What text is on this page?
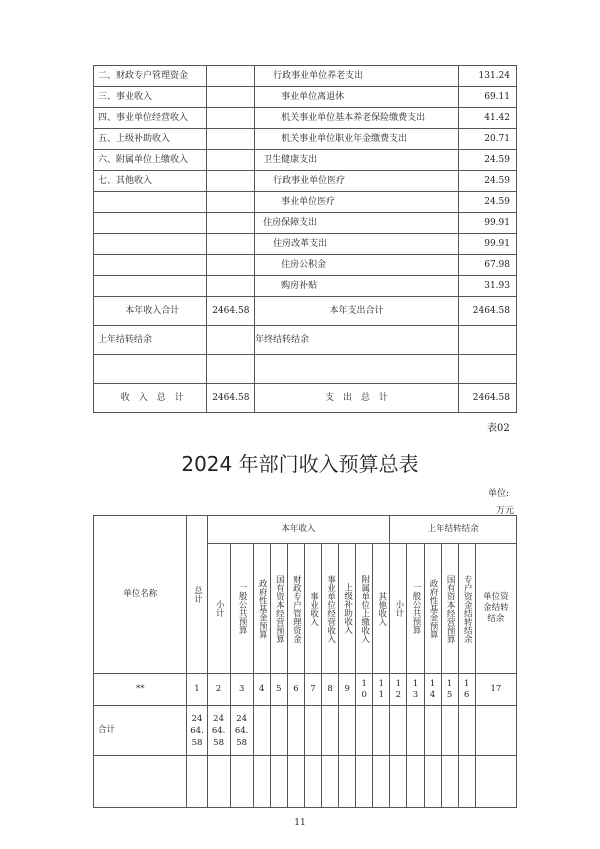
二、财政专户管理资金		行政事业单位养老支出	131.24
三、事业收入		事业单位离退休	69.11
四、事业单位经营收入		机关事业单位基本养老保险缴费支出	41.42
五、上级补助收入		机关事业单位职业年金缴费支出	20.71
六、附属单位上缴收入		卫生健康支出	24.59
七、其他收入		行政事业单位医疗	24.59
		事业单位医疗	24.59
		住房保障支出	99.91
		住房改革支出	99.91
		住房公积金	67.98
		购房补贴	31.93
本年收入合计	2464.58	本年支出合计	2464.58
上年结转结余		年终结转结余	

收　入　总　计	2464.58	支　出　总　计	2464.58
表02
2024 年部门收入预算总表
单位:
万元
单位名称	总计	本年收入										上年结转结余					

		小计	一般公共预算	政府性基金预算	国有资本经营预算	财政专户管理资金	事业收入	事业单位经营收入	上级补助收入	附属单位上缴收入	其他收入	小计	一般公共预算	政府性基金预算	国有资本经营预算	专户资金结转结余	单位资金结转结余

**	1	2	3	4	5	6	7	8	9	10	11	12	13	14	15	16	17

合计	2464.58	2464.58	2464.58														

11
